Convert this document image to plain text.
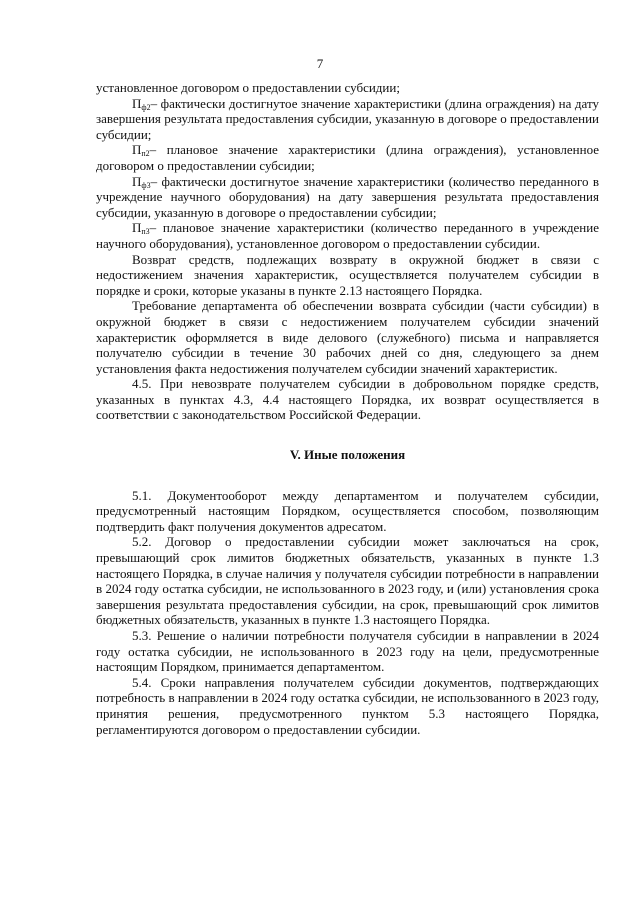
7

установленное договором о предоставлении субсидии;

$П_{ф2}-$ фактически достигнутое значение характеристики (длина ограждения) на дату завершения результата предоставления субсидии, указанную в договоре о предоставлении субсидии;

$П_{п2}-$ плановое значение характеристики (длина ограждения), установленное договором о предоставлении субсидии;

$П_{ф3}-$ фактически достигнутое значение характеристики (количество переданного в учреждение научного оборудования) на дату завершения результата предоставления субсидии, указанную в договоре о предоставлении субсидии;

$П_{п3}-$ плановое значение характеристики (количество переданного в учреждение научного оборудования), установленное договором о предоставлении субсидии.

Возврат средств, подлежащих возврату в окружной бюджет в связи с недостижением значения характеристик, осуществляется получателем субсидии в порядке и сроки, которые указаны в пункте 2.13 настоящего Порядка.

Требование департамента об обеспечении возврата субсидии (части субсидии) в окружной бюджет в связи с недостижением получателем субсидии значений характеристик оформляется в виде делового (служебного) письма и направляется получателю субсидии в течение 30 рабочих дней со дня, следующего за днем установления факта недостижения получателем субсидии значений характеристик.

4.5. При невозврате получателем субсидии в добровольном порядке средств, указанных в пунктах 4.3, 4.4 настоящего Порядка, их возврат осуществляется в соответствии с законодательством Российской Федерации.

V. Иные положения

5.1. Документооборот между департаментом и получателем субсидии, предусмотренный настоящим Порядком, осуществляется способом, позволяющим подтвердить факт получения документов адресатом.

5.2. Договор о предоставлении субсидии может заключаться на срок, превышающий срок лимитов бюджетных обязательств, указанных в пункте 1.3 настоящего Порядка, в случае наличия у получателя субсидии потребности в направлении в 2024 году остатка субсидии, не использованного в 2023 году, и (или) установления срока завершения результата предоставления субсидии, на срок, превышающий срок лимитов бюджетных обязательств, указанных в пункте 1.3 настоящего Порядка.

5.3. Решение о наличии потребности получателя субсидии в направлении в 2024 году остатка субсидии, не использованного в 2023 году на цели, предусмотренные настоящим Порядком, принимается департаментом.

5.4. Сроки направления получателем субсидии документов, подтверждающих потребность в направлении в 2024 году остатка субсидии, не использованного в 2023 году, принятия решения, предусмотренного пунктом 5.3 настоящего Порядка, регламентируются договором о предоставлении субсидии.
